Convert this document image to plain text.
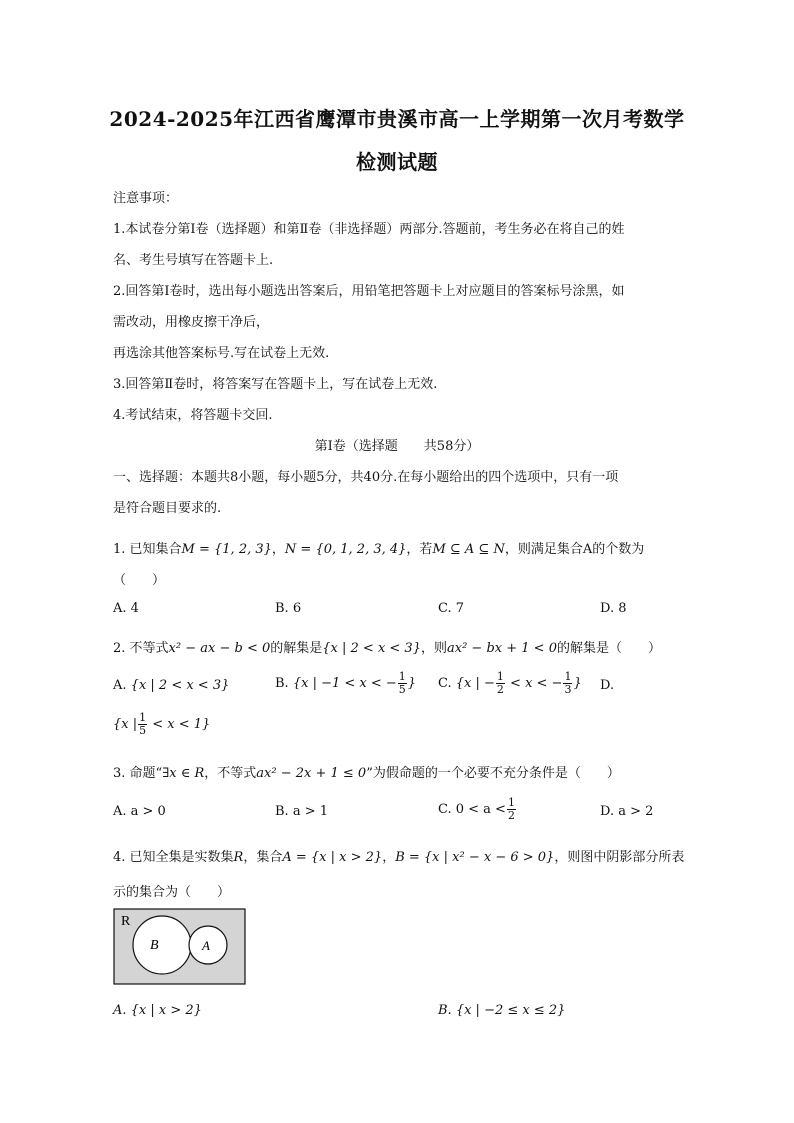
2024-2025年江西省鹰潭市贵溪市高一上学期第一次月考数学
检测试题
注意事项：
1.本试卷分第Ⅰ卷（选择题）和第Ⅱ卷（非选择题）两部分.答题前，考生务必在将自己的姓
名、考生号填写在答题卡上.
2.回答第Ⅰ卷时，选出每小题选出答案后，用铅笔把答题卡上对应题目的答案标号涂黑，如
需改动，用橡皮擦干净后，
再选涂其他答案标号.写在试卷上无效.
3.回答第Ⅱ卷时，将答案写在答题卡上，写在试卷上无效.
4.考试结束，将答题卡交回.
第Ⅰ卷（选择题　　共58分）
一、选择题：本题共8小题，每小题5分，共40分.在每小题给出的四个选项中，只有一项
是符合题目要求的.
1. 已知集合M = {1, 2, 3}，N = {0, 1, 2, 3, 4}，若M ⊆ A ⊆ N，则满足集合A的个数为
（　　）
A. 4	B. 6	C. 7	D. 8
2. 不等式x² − ax − b < 0的解集是{x | 2 < x < 3}，则ax² − bx + 1 < 0的解集是（　　）
A. {x | 2 < x < 3}	B. {x | −1 < x < − $\frac{1}{5}$ } C. {x | − $\frac{1}{2} < x$ < − $\frac{1}{3}$ } D.
{x | $\frac{1}{5} < x < 1$}
3. 命题“∃x ∈ R，不等式ax² − 2x + 1 ≤ 0”为假命题的一个必要不充分条件是（　　）
A. a > 0	B. a > 1	C. $0 < a < \frac{1}{2}$	D. a > 2
4. 已知全集是实数集R，集合A = {x | x > 2}，B = {x | x² − x − 6 > 0}，则图中阴影部分所表
示的集合为（　　）
R
B	A
A. {x | x > 2}	B. {x | −2 ≤ x ≤ 2}
